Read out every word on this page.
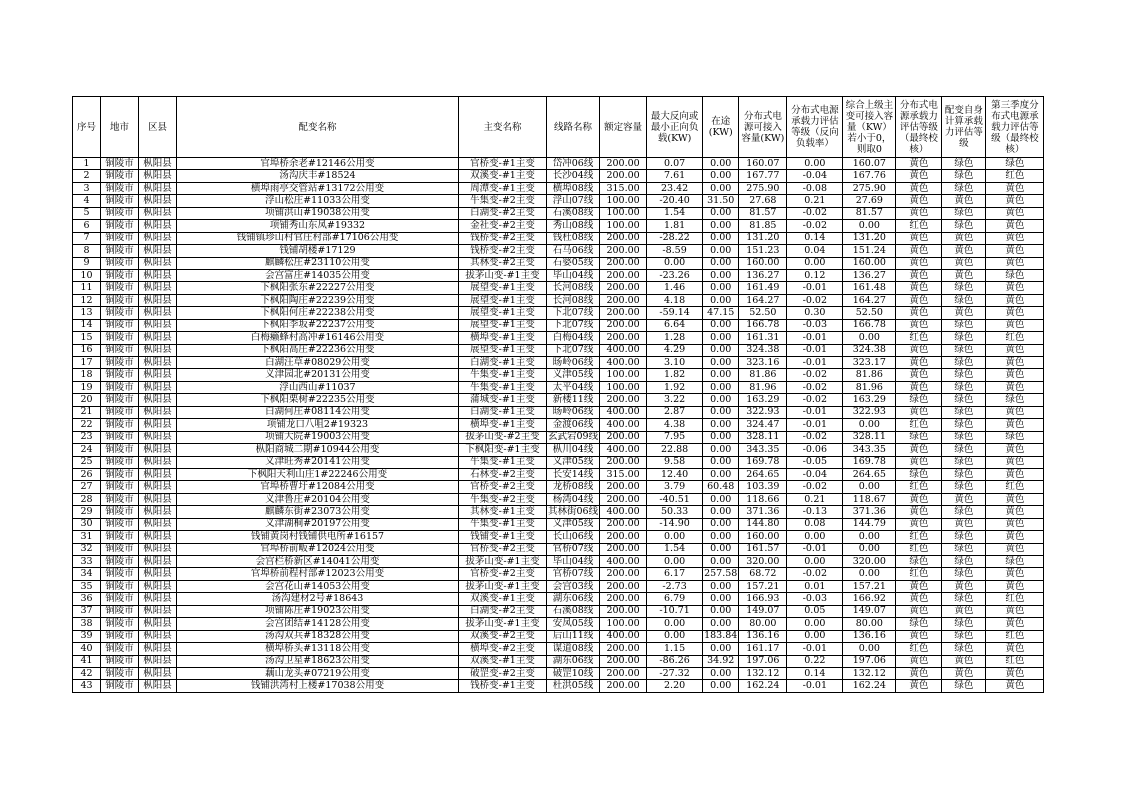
序号	地市	区县	配变名称	主变名称	线路名称	额定容量	最大反向或最小正向负载(KW)	在途(KW)	分布式电源可接入容量(KW)	分布式电源承载力评估等级（反向负载率）	综合上级主变可接入容量（KW）若小于0，则取0	分布式电源承载力评估等级（最终校核）	配变自身计算承载力评估等级	第三季度分布式电源承载力评估等级（最终校核）
1	铜陵市	枞阳县	官埠桥余老#12146公用变	官桥变-#1主变	岱冲06线	200.00	0.07	0.00	160.07	0.00	160.07	黄色	绿色	绿色
2	铜陵市	枞阳县	汤沟庆丰#18524	双溪变-#1主变	长沙04线	200.00	7.61	0.00	167.77	-0.04	167.76	黄色	绿色	红色
3	铜陵市	枞阳县	横埠雨亭交管站#13172公用变	周潭变-#1主变	横埠08线	315.00	23.42	0.00	275.90	-0.08	275.90	黄色	绿色	黄色
4	铜陵市	枞阳县	浮山松庄#11033公用变	牛集变-#2主变	浮山07线	100.00	-20.40	31.50	27.68	0.21	27.69	黄色	黄色	黄色
5	铜陵市	枞阳县	项铺洪山#19038公用变	白湖变-#2主变	石溪08线	100.00	1.54	0.00	81.57	-0.02	81.57	黄色	绿色	黄色
6	铜陵市	枞阳县	项铺秀山东凤#19332	金社变-#2主变	秀山08线	100.00	1.81	0.00	81.85	-0.02	0.00	红色	绿色	黄色
7	铜陵市	枞阳县	钱铺镇珍山村官庄村部#17106公用变	钱桥变-#2主变	钱杜08线	200.00	-28.22	0.00	131.20	0.14	131.20	黄色	黄色	黄色
8	铜陵市	枞阳县	钱铺胡楼#17129	钱桥变-#2主变	石马06线	200.00	-8.59	0.00	151.23	0.04	151.24	黄色	黄色	黄色
9	铜陵市	枞阳县	麒麟松庄#23110公用变	其林变-#2主变	石婆05线	200.00	0.00	0.00	160.00	0.00	160.00	黄色	黄色	黄色
10	铜陵市	枞阳县	会宫富庄#14035公用变	拔茅山变-#1主变	毕山04线	200.00	-23.26	0.00	136.27	0.12	136.27	黄色	黄色	绿色
11	铜陵市	枞阳县	下枫阳张东#22227公用变	展望变-#1主变	长河08线	200.00	1.46	0.00	161.49	-0.01	161.48	黄色	绿色	黄色
12	铜陵市	枞阳县	下枫阳陶庄#22239公用变	展望变-#1主变	长河08线	200.00	4.18	0.00	164.27	-0.02	164.27	黄色	绿色	黄色
13	铜陵市	枞阳县	下枫阳何庄#22238公用变	展望变-#1主变	下北07线	200.00	-59.14	47.15	52.50	0.30	52.50	黄色	黄色	黄色
14	铜陵市	枞阳县	下枫阳李坂#22237公用变	展望变-#1主变	下北07线	200.00	6.64	0.00	166.78	-0.03	166.78	黄色	绿色	黄色
15	铜陵市	枞阳县	白梅癞蜂村高冲#16146公用变	横埠变-#1主变	白梅04线	200.00	1.28	0.00	161.31	-0.01	0.00	红色	绿色	红色
16	铜陵市	枞阳县	下枫阳高庄#22236公用变	展望变-#1主变	下北07线	400.00	4.29	0.00	324.38	-0.01	324.38	黄色	绿色	黄色
17	铜陵市	枞阳县	白湖汪草#08029公用变	白湖变-#1主变	旸岭06线	400.00	3.10	0.00	323.16	-0.01	323.17	黄色	绿色	黄色
18	铜陵市	枞阳县	义津园北#20131公用变	牛集变-#1主变	义津05线	100.00	1.82	0.00	81.86	-0.02	81.86	黄色	绿色	黄色
19	铜陵市	枞阳县	浮山西山#11037	牛集变-#1主变	太平04线	100.00	1.92	0.00	81.96	-0.02	81.96	黄色	绿色	黄色
20	铜陵市	枞阳县	下枫阳栗树#22235公用变	蒲城变-#1主变	新楼11线	200.00	3.22	0.00	163.29	-0.02	163.29	绿色	绿色	绿色
21	铜陵市	枞阳县	白湖何庄#08114公用变	白湖变-#1主变	旸岭06线	400.00	2.87	0.00	322.93	-0.01	322.93	黄色	绿色	黄色
22	铜陵市	枞阳县	项铺龙口八咀2#19323	横埠变-#1主变	金渡06线	400.00	4.38	0.00	324.47	-0.01	0.00	红色	绿色	黄色
23	铜陵市	枞阳县	项铺大院#19003公用变	拔茅山变-#2主变	玄武宕09线	200.00	7.95	0.00	328.11	-0.02	328.11	绿色	绿色	绿色
24	铜陵市	枞阳县	枞阳商城二期#10944公用变	下枫阳变-#1主变	枞川04线	400.00	22.88	0.00	343.35	-0.06	343.35	黄色	绿色	黄色
25	铜陵市	枞阳县	义津旺秀#20141公用变	牛集变-#1主变	义津05线	200.00	9.58	0.00	169.78	-0.05	169.78	黄色	绿色	黄色
26	铜陵市	枞阳县	下枫阳天利山庄1#22246公用变	石林变-#2主变	长安14线	315.00	12.40	0.00	264.65	-0.04	264.65	绿色	绿色	黄色
27	铜陵市	枞阳县	官埠桥曹圩#12084公用变	官桥变-#2主变	龙桥08线	200.00	3.79	60.48	103.39	-0.02	0.00	红色	绿色	红色
28	铜陵市	枞阳县	义津鲁庄#20104公用变	牛集变-#2主变	杨湾04线	200.00	-40.51	0.00	118.66	0.21	118.67	黄色	黄色	黄色
29	铜陵市	枞阳县	麒麟东街#23073公用变	其林变-#1主变	其林街06线	400.00	50.33	0.00	371.36	-0.13	371.36	黄色	绿色	黄色
30	铜陵市	枞阳县	义津湖桐#20197公用变	牛集变-#1主变	义津05线	200.00	-14.90	0.00	144.80	0.08	144.79	黄色	黄色	黄色
31	铜陵市	枞阳县	钱铺黄岗村钱铺供电所#16157	钱铺变-#1主变	长山06线	200.00	0.00	0.00	160.00	0.00	0.00	红色	绿色	黄色
32	铜陵市	枞阳县	官埠桥前畈#12024公用变	官桥变-#2主变	官桥07线	200.00	1.54	0.00	161.57	-0.01	0.00	红色	绿色	黄色
33	铜陵市	枞阳县	会宫栏桥新区#14041公用变	拔茅山变-#1主变	毕山04线	400.00	0.00	0.00	320.00	0.00	320.00	绿色	绿色	绿色
34	铜陵市	枞阳县	官埠桥前程村部#12023公用变	官桥变-#2主变	官桥07线	200.00	6.17	257.58	68.72	-0.02	0.00	红色	绿色	黄色
35	铜陵市	枞阳县	会宫花山#14053公用变	拔茅山变-#1主变	会宫03线	200.00	-2.73	0.00	157.21	0.01	157.21	黄色	黄色	黄色
36	铜陵市	枞阳县	汤沟建材2号#18643	双溪变-#1主变	湖东06线	200.00	6.79	0.00	166.93	-0.03	166.92	黄色	绿色	红色
37	铜陵市	枞阳县	项铺陈庄#19023公用变	白湖变-#2主变	石溪08线	200.00	-10.71	0.00	149.07	0.05	149.07	黄色	黄色	黄色
38	铜陵市	枞阳县	会宫团结#14128公用变	拔茅山变-#1主变	安凤05线	100.00	0.00	0.00	80.00	0.00	80.00	绿色	绿色	黄色
39	铜陵市	枞阳县	汤沟双兵#18328公用变	双溪变-#2主变	后山11线	400.00	0.00	183.84	136.16	0.00	136.16	黄色	绿色	红色
40	铜陵市	枞阳县	横埠桥头#13118公用变	横埠变-#2主变	谋道08线	200.00	1.15	0.00	161.17	-0.01	0.00	红色	绿色	黄色
41	铜陵市	枞阳县	汤沟卫星#18623公用变	双溪变-#1主变	湖东06线	200.00	-86.26	34.92	197.06	0.22	197.06	黄色	黄色	红色
42	铜陵市	枞阳县	藕山龙头#07219公用变	破罡变-#2主变	破罡10线	200.00	-27.32	0.00	132.12	0.14	132.12	黄色	黄色	黄色
43	铜陵市	枞阳县	钱铺洪湾村上楼#17038公用变	钱桥变-#1主变	杜洪05线	200.00	2.20	0.00	162.24	-0.01	162.24	黄色	绿色	黄色
